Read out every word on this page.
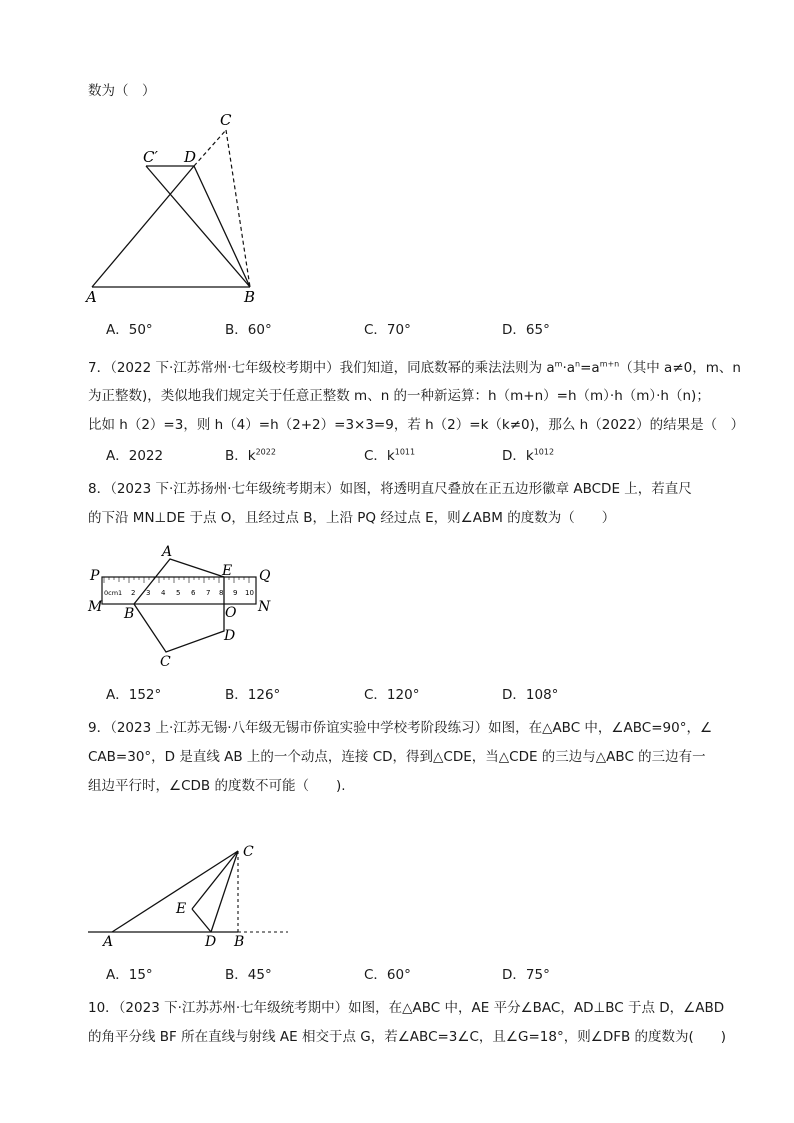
数为（　）
C
C′ D
A	B
A．50°	B．60°	C．70°	D．65°
7．（2022 下·江苏常州·七年级校考期中）我们知道，同底数幂的乘法法则为 $a^m\cdot a^n=a^{m+n}$（其中 a≠0，m、n
为正整数)，类似地我们规定关于任意正整数 m、n 的一种新运算：h（m+n）=h（m）·h（m）·h（n)；
比如 h（2）=3，则 h（4）=h（2+2）=3×3=9，若 h（2）=k（k≠0)，那么 h（2022）的结果是（　）
A．2022	B．$k^{2022}$	C．$k^{1011}$	D．$k^{1012}$
8．（2023 下·江苏扬州·七年级统考期末）如图，将透明直尺叠放在正五边形徽章 ABCDE 上，若直尺
的下沿 MN⊥DE 于点 O，且经过点 B，上沿 PQ 经过点 E，则∠ABM 的度数为（　　）
0cm1 2 3 4 5 6 7 8 9 10
P	Q
M	N
A
E
B	O
D
C
A．152°	B．126°	C．120°	D．108°
9．（2023 上·江苏无锡·八年级无锡市侨谊实验中学校考阶段练习）如图，在△ABC 中，∠ABC=90°，∠
CAB=30°，D 是直线 AB 上的一个动点，连接 CD，得到△CDE，当△CDE 的三边与△ABC 的三边有一
组边平行时，∠CDB 的度数不可能（　　).
C
E
A	D B
A．15°	B．45°	C．60°	D．75°
10．（2023 下·江苏苏州·七年级统考期中）如图，在△ABC 中，AE 平分∠BAC，AD⊥BC 于点 D，∠ABD
的角平分线 BF 所在直线与射线 AE 相交于点 G，若∠ABC=3∠C，且∠G=18°，则∠DFB 的度数为(　　)
